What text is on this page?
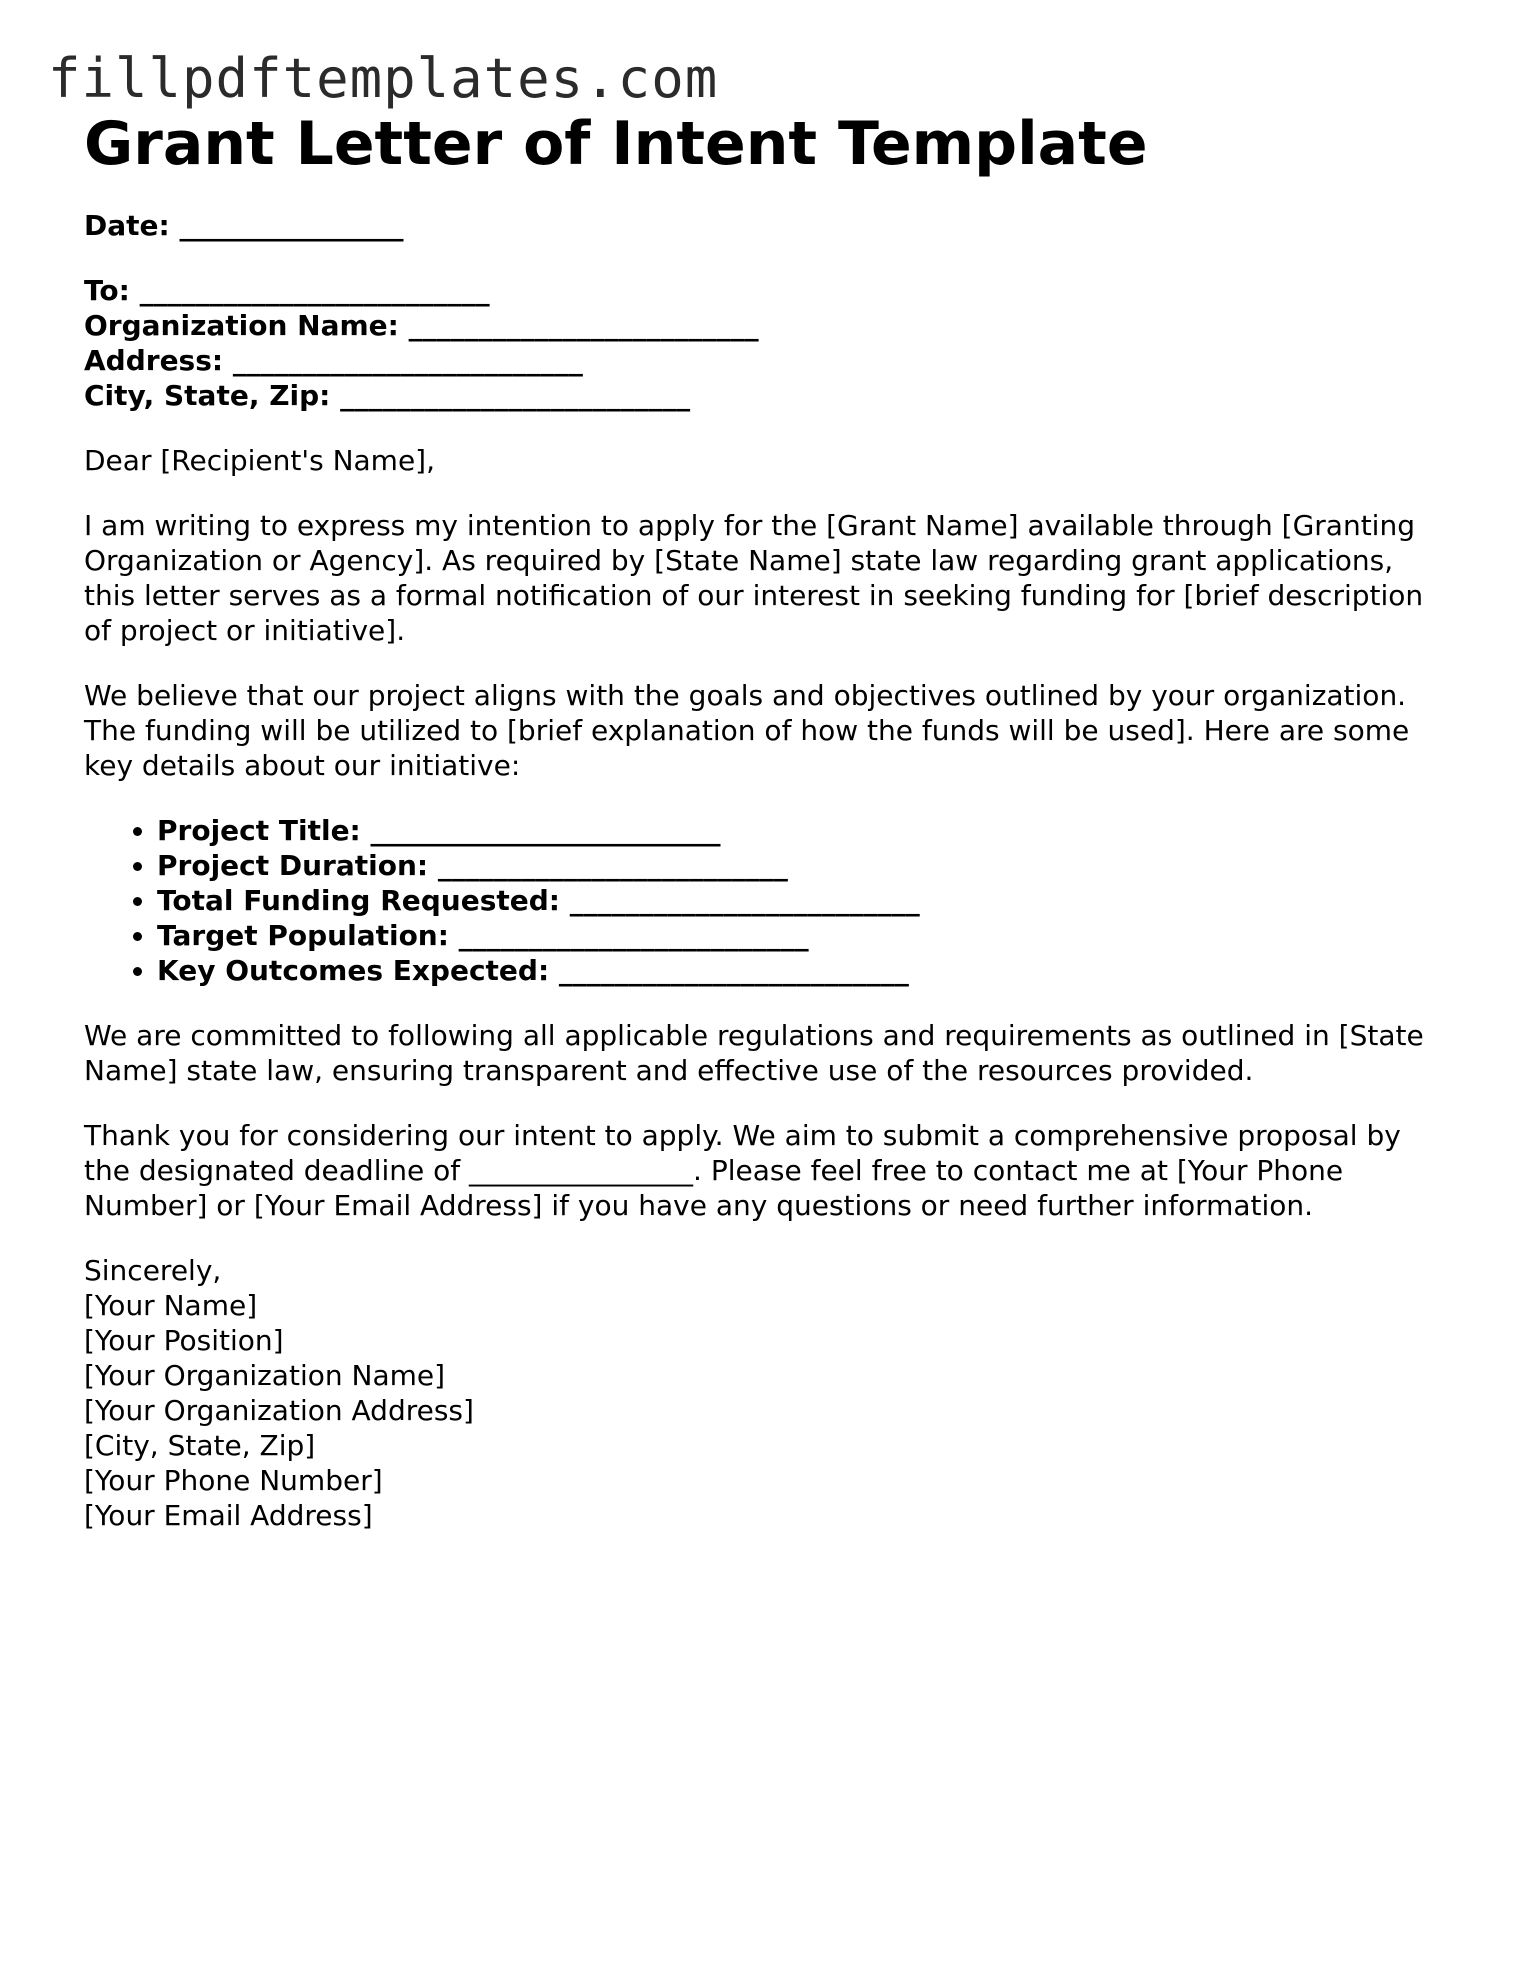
fillpdftemplates.com
Grant Letter of Intent Template
Date: ________________
To: _________________________
Organization Name: _________________________
Address: _________________________
City, State, Zip: _________________________
Dear [Recipient's Name],
I am writing to express my intention to apply for the [Grant Name] available through [Granting Organization or Agency]. As required by [State Name] state law regarding grant applications, this letter serves as a formal notification of our interest in seeking funding for [brief description of project or initiative].
We believe that our project aligns with the goals and objectives outlined by your organization. The funding will be utilized to [brief explanation of how the funds will be used]. Here are some key details about our initiative:
• Project Title: _________________________
• Project Duration: _________________________
• Total Funding Requested: _________________________
• Target Population: _________________________
• Key Outcomes Expected: _________________________
We are committed to following all applicable regulations and requirements as outlined in [State Name] state law, ensuring transparent and effective use of the resources provided.
Thank you for considering our intent to apply. We aim to submit a comprehensive proposal by the designated deadline of ________________. Please feel free to contact me at [Your Phone Number] or [Your Email Address] if you have any questions or need further information.
Sincerely,
[Your Name]
[Your Position]
[Your Organization Name]
[Your Organization Address]
[City, State, Zip]
[Your Phone Number]
[Your Email Address]
